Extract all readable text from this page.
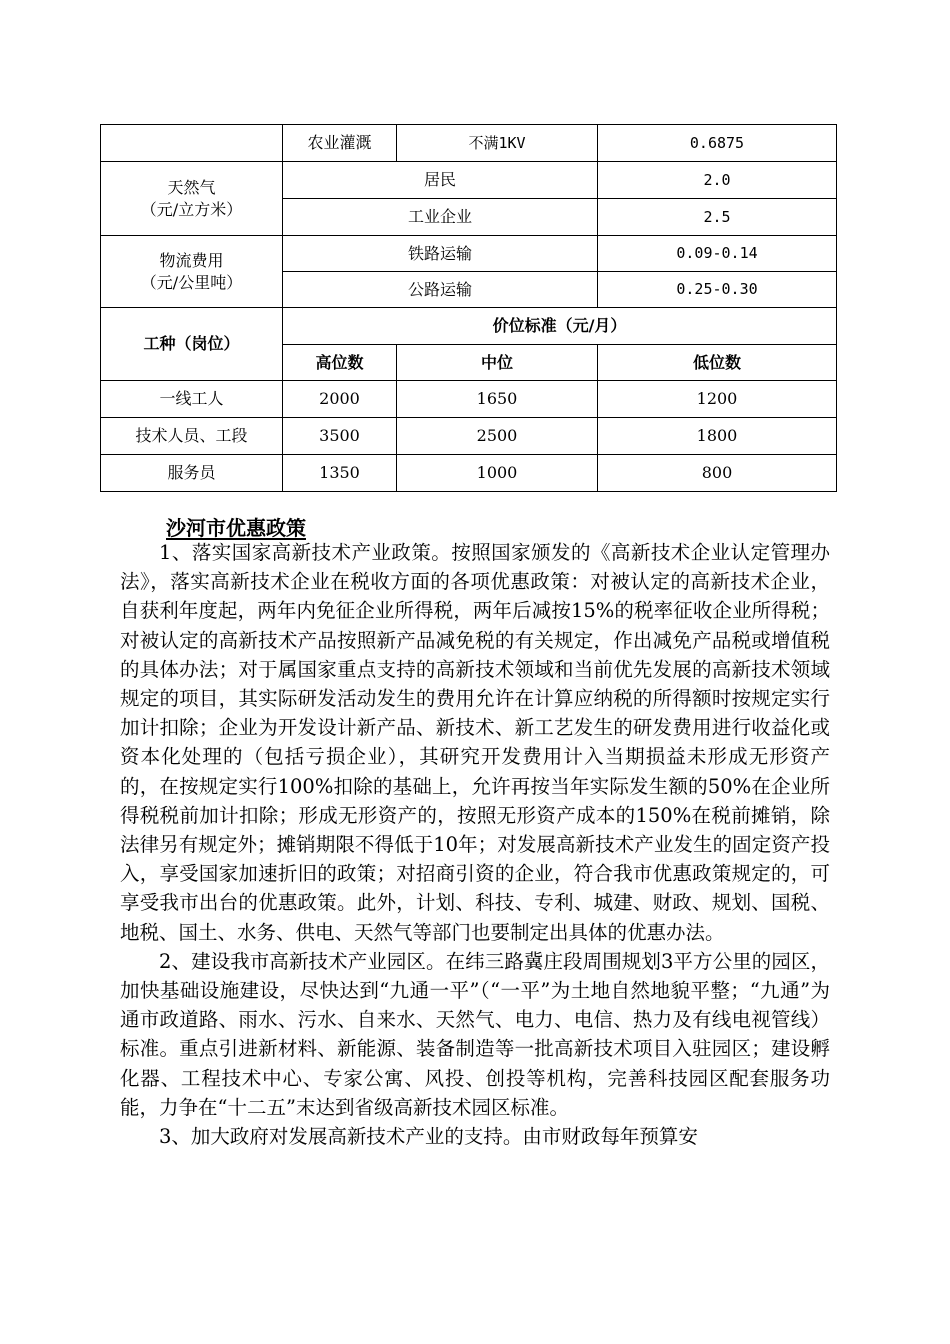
	农业灌溉	不满1KV	0.6875

天然气
（元/立方米）	居民		2.0
	工业企业		2.5

物流费用
（元/公里吨）	铁路运输		0.09-0.14
	公路运输		0.25-0.30
工种（岗位）	价位标准（元/月）		
	高位数	中位	低位数
一线工人	2000	1650	1200
技术人员、工段	3500	2500	1800
服务员	1350	1000	800
沙河市优惠政策

1、落实国家高新技术产业政策。按照国家颁发的《高新技术企业认定管理办法》，落实高新技术企业在税收方面的各项优惠政策：对被认定的高新技术企业，自获利年度起，两年内免征企业所得税，两年后减按15%的税率征收企业所得税；对被认定的高新技术产品按照新产品减免税的有关规定，作出减免产品税或增值税的具体办法；对于属国家重点支持的高新技术领域和当前优先发展的高新技术领域规定的项目，其实际研发活动发生的费用允许在计算应纳税的所得额时按规定实行加计扣除；企业为开发设计新产品、新技术、新工艺发生的研发费用进行收益化或资本化处理的（包括亏损企业），其研究开发费用计入当期损益未形成无形资产的，在按规定实行100%扣除的基础上，允许再按当年实际发生额的50%在企业所得税税前加计扣除；形成无形资产的，按照无形资产成本的150%在税前摊销，除法律另有规定外；摊销期限不得低于10年；对发展高新技术产业发生的固定资产投入，享受国家加速折旧的政策；对招商引资的企业，符合我市优惠政策规定的，可享受我市出台的优惠政策。此外，计划、科技、专利、城建、财政、规划、国税、地税、国土、水务、供电、天然气等部门也要制定出具体的优惠办法。

2、建设我市高新技术产业园区。在纬三路冀庄段周围规划3平方公里的园区，加快基础设施建设，尽快达到“九通一平”（“一平”为土地自然地貌平整；“九通”为通市政道路、雨水、污水、自来水、天然气、电力、电信、热力及有线电视管线）标准。重点引进新材料、新能源、装备制造等一批高新技术项目入驻园区；建设孵化器、工程技术中心、专家公寓、风投、创投等机构，完善科技园区配套服务功能，力争在“十二五”末达到省级高新技术园区标准。

3、加大政府对发展高新技术产业的支持。由市财政每年预算安
